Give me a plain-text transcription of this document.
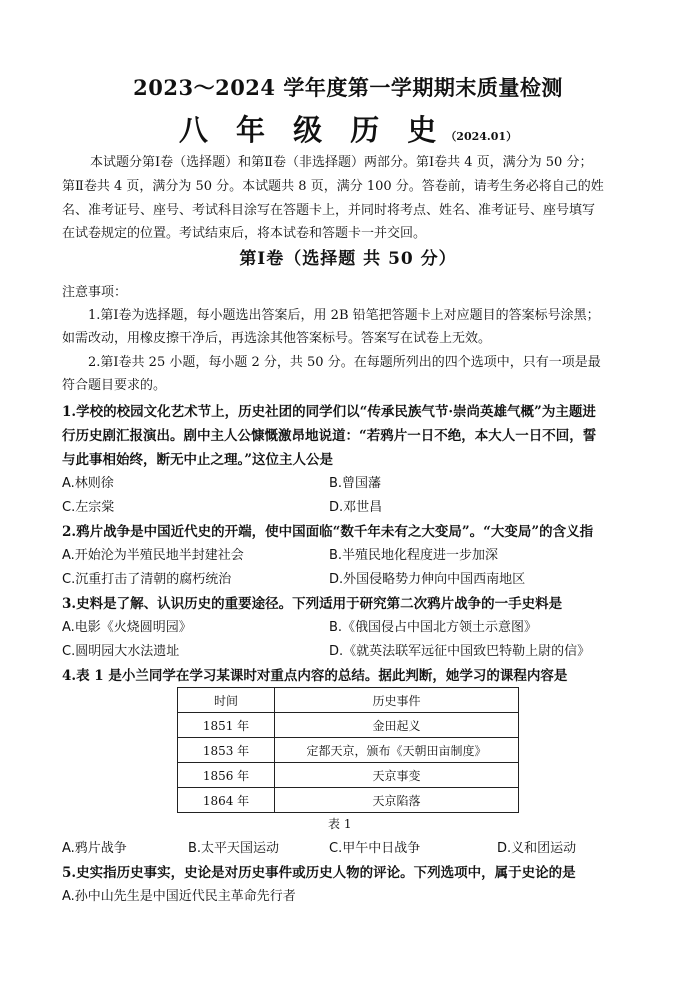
2023～2024 学年度第一学期期末质量检测
八 年 级 历 史（2024.01）
本试题分第Ⅰ卷（选择题）和第Ⅱ卷（非选择题）两部分。第Ⅰ卷共 4 页，满分为 50 分；
第Ⅱ卷共 4 页，满分为 50 分。本试题共 8 页，满分 100 分。答卷前，请考生务必将自己的姓
名、准考证号、座号、考试科目涂写在答题卡上，并同时将考点、姓名、准考证号、座号填写
在试卷规定的位置。考试结束后，将本试卷和答题卡一并交回。
第Ⅰ卷（选择题 共 50 分）
注意事项：
1.第Ⅰ卷为选择题，每小题选出答案后，用 2B 铅笔把答题卡上对应题目的答案标号涂黑；
如需改动，用橡皮擦干净后，再选涂其他答案标号。答案写在试卷上无效。
2.第Ⅰ卷共 25 小题，每小题 2 分，共 50 分。在每题所列出的四个选项中，只有一项是最
符合题目要求的。
1.学校的校园文化艺术节上，历史社团的同学们以“传承民族气节·崇尚英雄气概”为主题进
行历史剧汇报演出。剧中主人公慷慨激昂地说道：“若鸦片一日不绝，本大人一日不回，誓
与此事相始终，断无中止之理。”这位主人公是
A.林则徐	B.曾国藩
C.左宗棠	D.邓世昌
2.鸦片战争是中国近代史的开端，使中国面临“数千年未有之大变局”。“大变局”的含义指
A.开始沦为半殖民地半封建社会	B.半殖民地化程度进一步加深
C.沉重打击了清朝的腐朽统治	D.外国侵略势力伸向中国西南地区
3.史料是了解、认识历史的重要途径。下列适用于研究第二次鸦片战争的一手史料是
A.电影《火烧圆明园》	B.《俄国侵占中国北方领土示意图》
C.圆明园大水法遗址	D.《就英法联军远征中国致巴特勒上尉的信》
4.表 1 是小兰同学在学习某课时对重点内容的总结。据此判断，她学习的课程内容是
时间	历史事件
1851 年	金田起义
1853 年	定都天京，颁布《天朝田亩制度》
1856 年	天京事变
1864 年	天京陷落
表 1
A.鸦片战争	B.太平天国运动	C.甲午中日战争	D.义和团运动
5.史实指历史事实，史论是对历史事件或历史人物的评论。下列选项中，属于史论的是
A.孙中山先生是中国近代民主革命先行者
